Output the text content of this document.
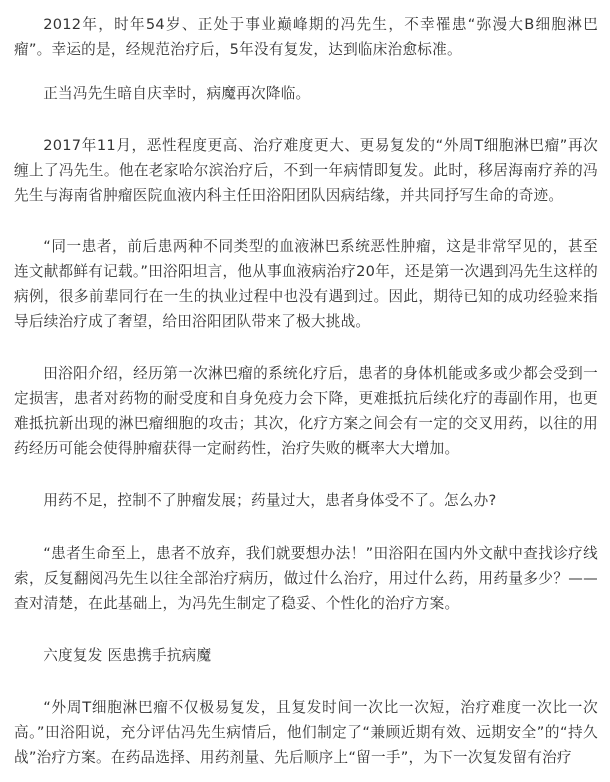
2012年，时年54岁、正处于事业巅峰期的冯先生，不幸罹患“弥漫大B细胞淋巴瘤”。幸运的是，经规范治疗后，5年没有复发，达到临床治愈标准。

正当冯先生暗自庆幸时，病魔再次降临。

2017年11月，恶性程度更高、治疗难度更大、更易复发的“外周T细胞淋巴瘤”再次缠上了冯先生。他在老家哈尔滨治疗后，不到一年病情即复发。此时，移居海南疗养的冯先生与海南省肿瘤医院血液内科主任田浴阳团队因病结缘，并共同抒写生命的奇迹。

“同一患者，前后患两种不同类型的血液淋巴系统恶性肿瘤，这是非常罕见的，甚至连文献都鲜有记载。”田浴阳坦言，他从事血液病治疗20年，还是第一次遇到冯先生这样的病例，很多前辈同行在一生的执业过程中也没有遇到过。因此，期待已知的成功经验来指导后续治疗成了奢望，给田浴阳团队带来了极大挑战。

田浴阳介绍，经历第一次淋巴瘤的系统化疗后，患者的身体机能或多或少都会受到一定损害，患者对药物的耐受度和自身免疫力会下降，更难抵抗后续化疗的毒副作用，也更难抵抗新出现的淋巴瘤细胞的攻击；其次，化疗方案之间会有一定的交叉用药，以往的用药经历可能会使得肿瘤获得一定耐药性，治疗失败的概率大大增加。

用药不足，控制不了肿瘤发展；药量过大，患者身体受不了。怎么办?

“患者生命至上，患者不放弃，我们就要想办法！”田浴阳在国内外文献中查找诊疗线索，反复翻阅冯先生以往全部治疗病历，做过什么治疗，用过什么药，用药量多少？——查对清楚，在此基础上，为冯先生制定了稳妥、个性化的治疗方案。

六度复发 医患携手抗病魔

“外周T细胞淋巴瘤不仅极易复发，且复发时间一次比一次短，治疗难度一次比一次高。”田浴阳说，充分评估冯先生病情后，他们制定了“兼顾近期有效、远期安全”的“持久战”治疗方案。在药品选择、用药剂量、先后顺序上“留一手”，为下一次复发留有治疗
